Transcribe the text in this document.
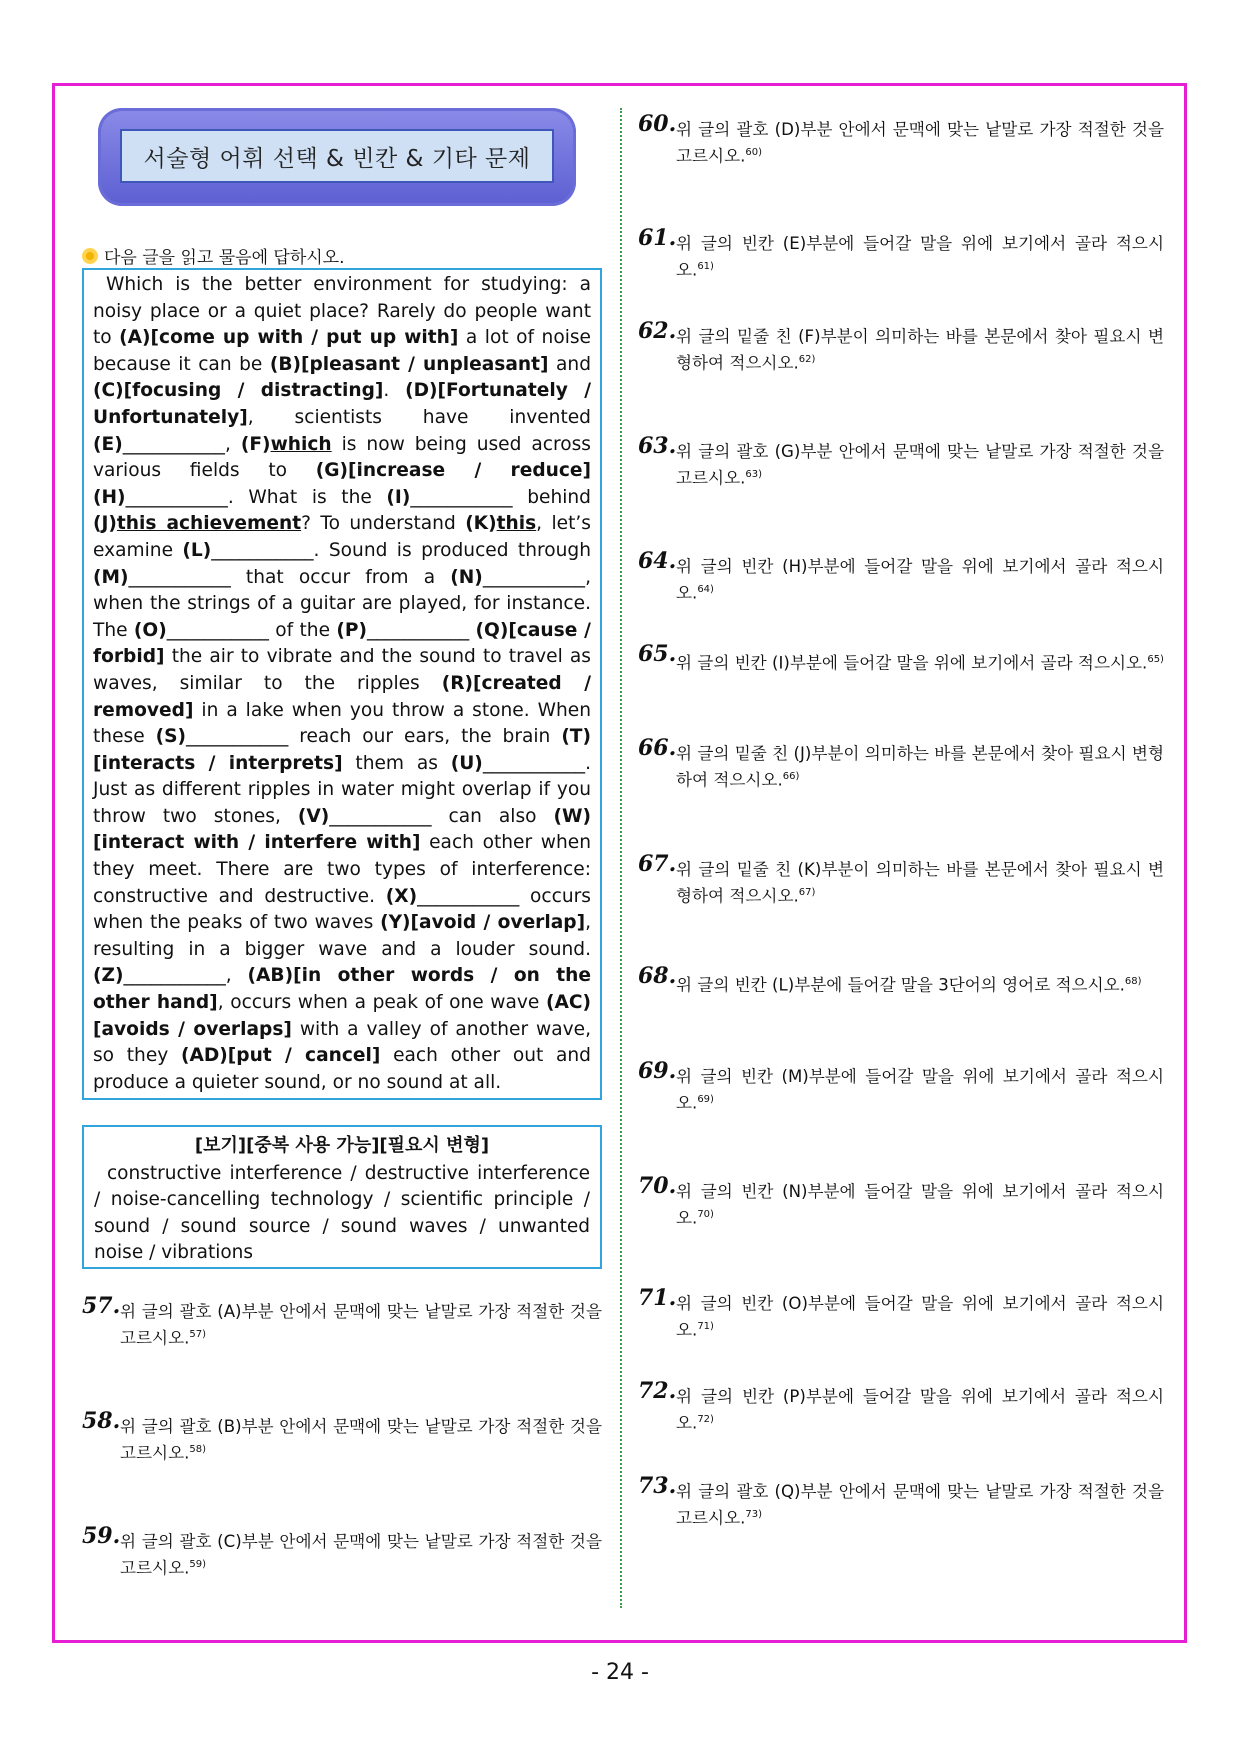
서술형 어휘 선택 & 빈칸 & 기타 문제
다음 글을 읽고 물음에 답하시오.

Which is the better environment for studying: a noisy place or a quiet place? Rarely do people want to (A)[come up with / put up with] a lot of noise because it can be (B)[pleasant / unpleasant] and (C)[focusing / distracting]. (D)[Fortunately / Unfortunately], scientists have invented (E)___________, (F)which is now being used across various fields to (G)[increase / reduce] (H)___________. What is the (I)___________ behind (J)this achievement? To understand (K)this, let’s examine (L)___________. Sound is produced through (M)___________ that occur from a (N)___________, when the strings of a guitar are played, for instance. The (O)___________ of the (P)___________ (Q)[cause / forbid] the air to vibrate and the sound to travel as waves, similar to the ripples (R)[created / removed] in a lake when you throw a stone. When these (S)___________ reach our ears, the brain (T)[interacts / interprets] them as (U)___________. Just as different ripples in water might overlap if you throw two stones, (V)___________ can also (W)[interact with / interfere with] each other when they meet. There are two types of interference: constructive and destructive. (X)___________ occurs when the peaks of two waves (Y)[avoid / overlap], resulting in a bigger wave and a louder sound. (Z)___________, (AB)[in other words / on the other hand], occurs when a peak of one wave (AC)[avoids / overlaps] with a valley of another wave, so they (AD)[put / cancel] each other out and produce a quieter sound, or no sound at all.

[보기][중복 사용 가능][필요시 변형]
constructive interference / destructive interference / noise-cancelling technology / scientific principle / sound / sound source / sound waves / unwanted noise / vibrations
57. 위 글의 괄호 (A)부분 안에서 문맥에 맞는 낱말로 가장 적절한 것을 고르시오.$^{57)}$
58. 위 글의 괄호 (B)부분 안에서 문맥에 맞는 낱말로 가장 적절한 것을 고르시오.$^{58)}$
59. 위 글의 괄호 (C)부분 안에서 문맥에 맞는 낱말로 가장 적절한 것을 고르시오.$^{59)}$
60. 위 글의 괄호 (D)부분 안에서 문맥에 맞는 낱말로 가장 적절한 것을 고르시오.$^{60)}$
61. 위 글의 빈칸 (E)부분에 들어갈 말을 위에 보기에서 골라 적으시오.$^{61)}$
62. 위 글의 밑줄 친 (F)부분이 의미하는 바를 본문에서 찾아 필요시 변형하여 적으시오.$^{62)}$
63. 위 글의 괄호 (G)부분 안에서 문맥에 맞는 낱말로 가장 적절한 것을 고르시오.$^{63)}$
64. 위 글의 빈칸 (H)부분에 들어갈 말을 위에 보기에서 골라 적으시오.$^{64)}$
65. 위 글의 빈칸 (I)부분에 들어갈 말을 위에 보기에서 골라 적으시오.$^{65)}$
66. 위 글의 밑줄 친 (J)부분이 의미하는 바를 본문에서 찾아 필요시 변형하여 적으시오.$^{66)}$
67. 위 글의 밑줄 친 (K)부분이 의미하는 바를 본문에서 찾아 필요시 변형하여 적으시오.$^{67)}$
68. 위 글의 빈칸 (L)부분에 들어갈 말을 3단어의 영어로 적으시오.$^{68)}$
69. 위 글의 빈칸 (M)부분에 들어갈 말을 위에 보기에서 골라 적으시오.$^{69)}$
70. 위 글의 빈칸 (N)부분에 들어갈 말을 위에 보기에서 골라 적으시오.$^{70)}$
71. 위 글의 빈칸 (O)부분에 들어갈 말을 위에 보기에서 골라 적으시오.$^{71)}$
72. 위 글의 빈칸 (P)부분에 들어갈 말을 위에 보기에서 골라 적으시오.$^{72)}$
73. 위 글의 괄호 (Q)부분 안에서 문맥에 맞는 낱말로 가장 적절한 것을 고르시오.$^{73)}$
- 24 -
